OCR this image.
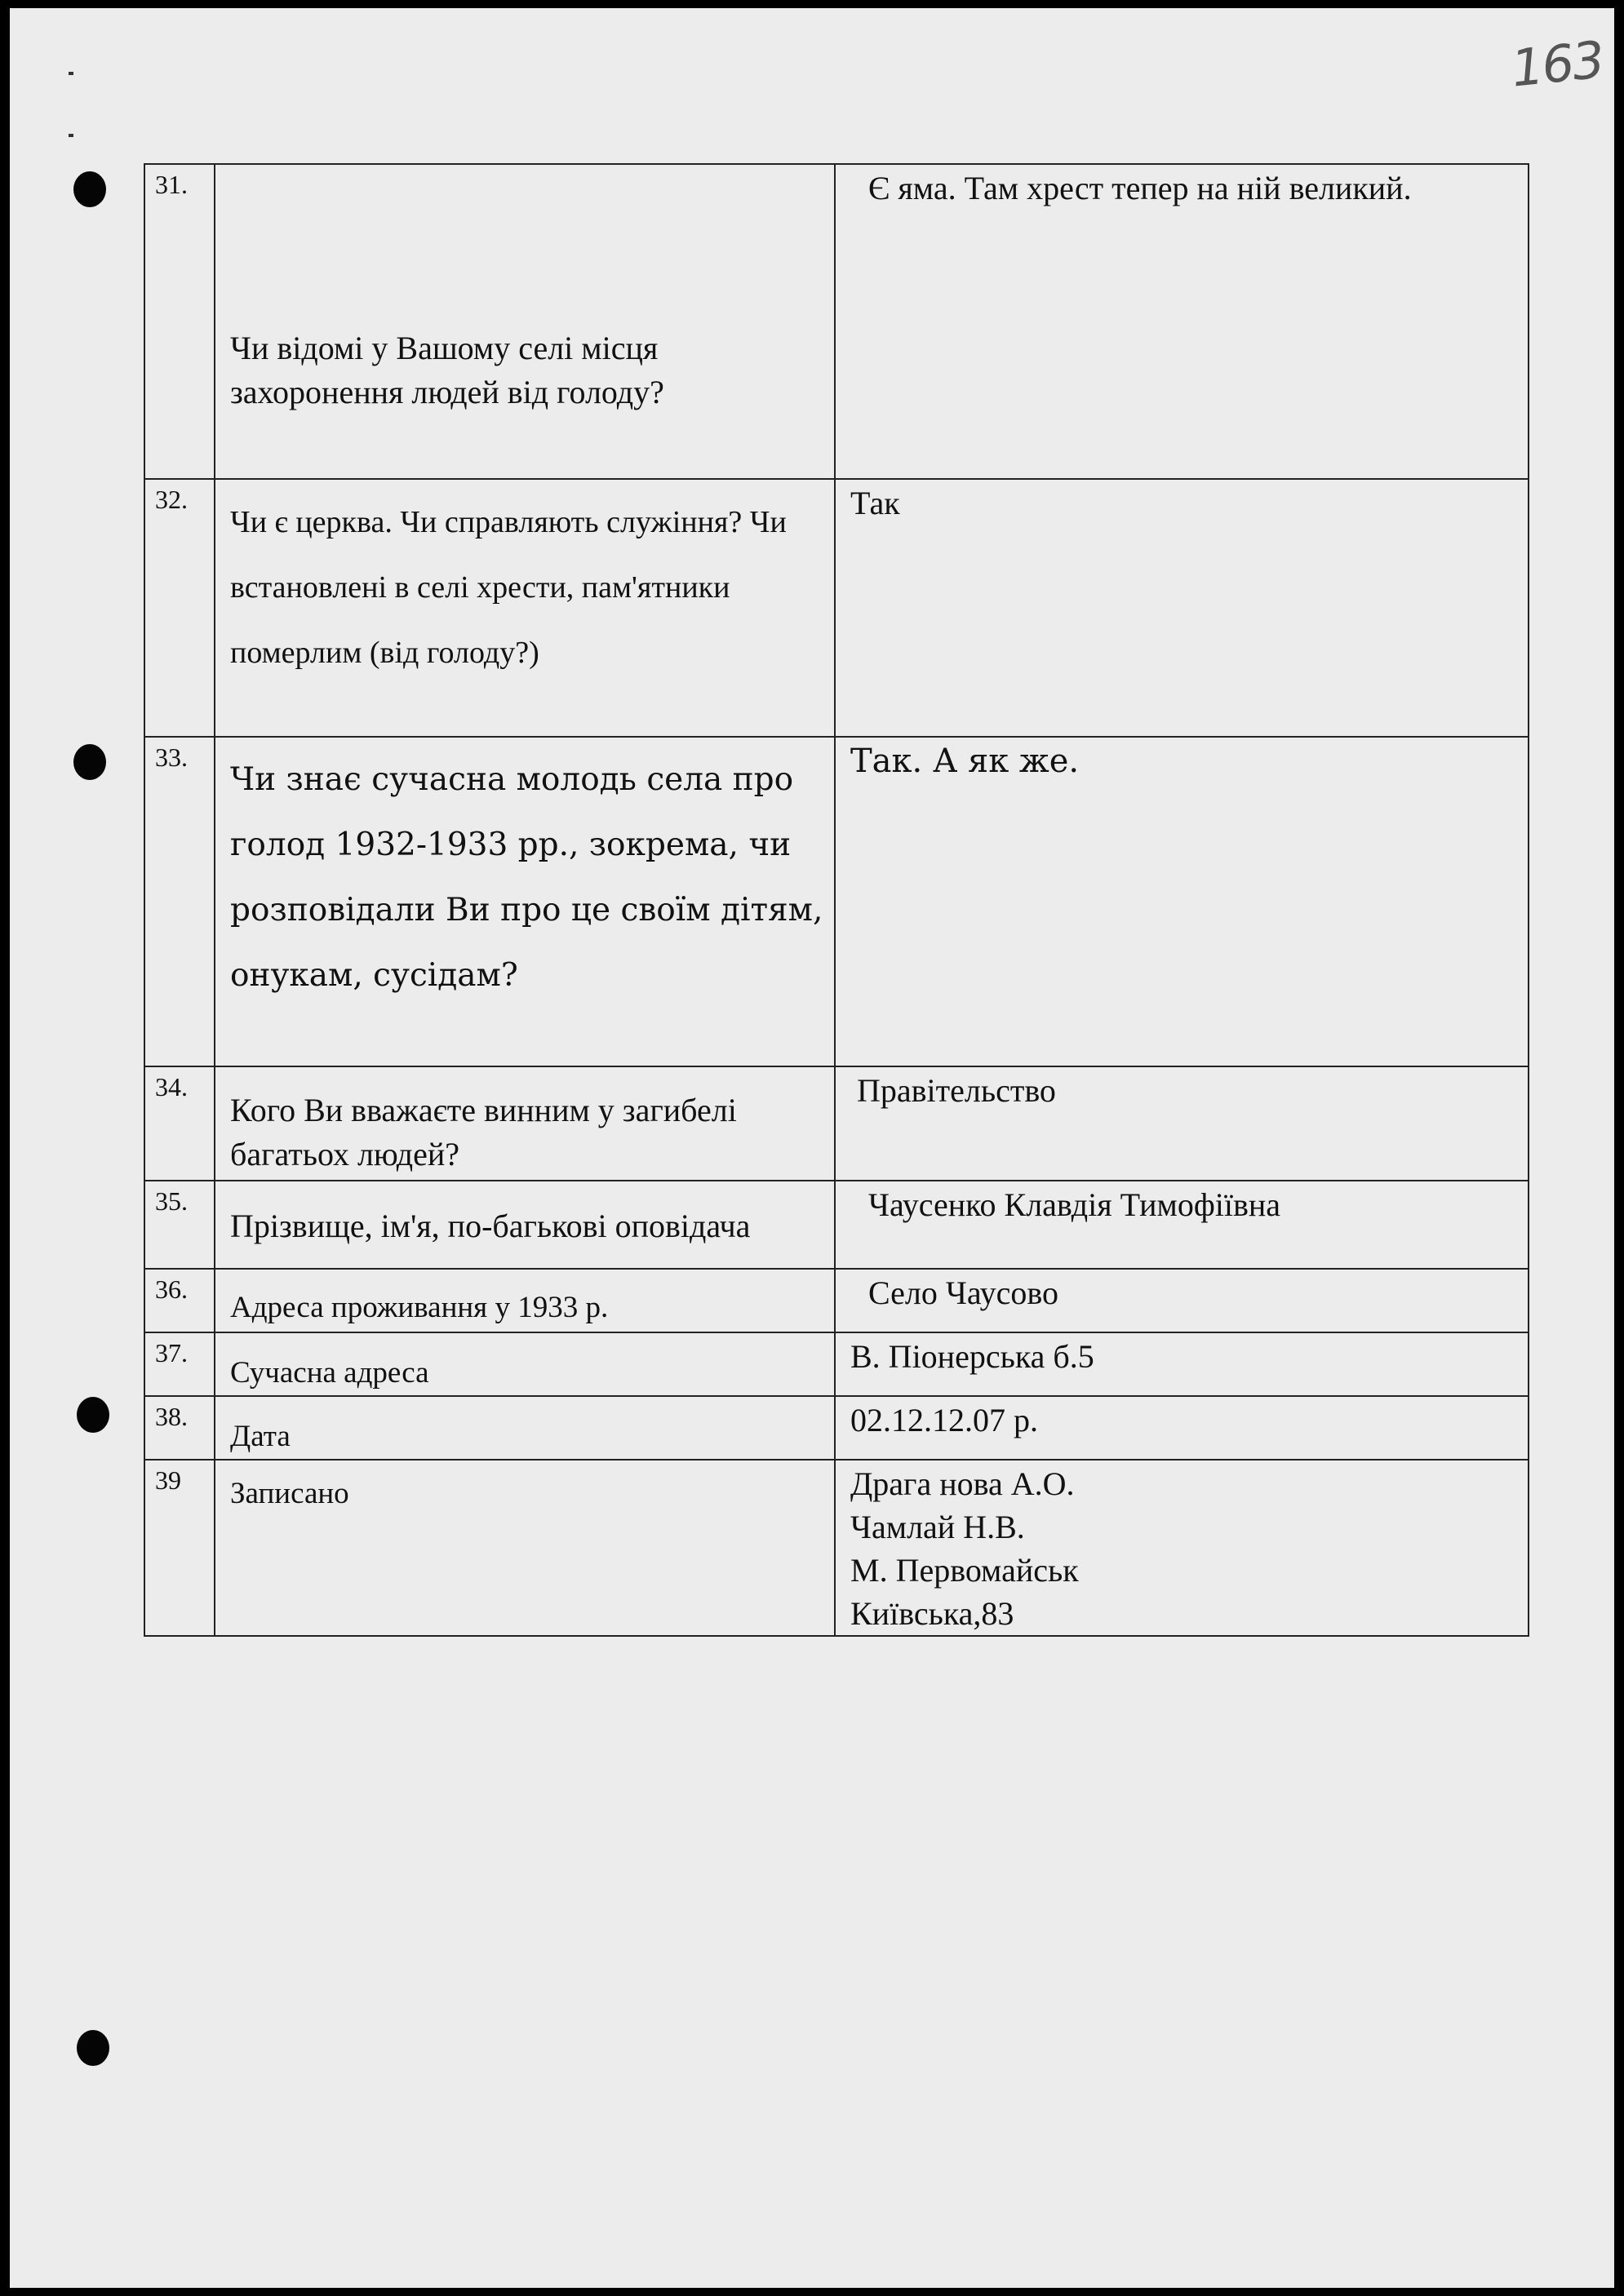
163
31.	Чи відомі у Вашому селі місця захоронення людей від голоду?	Є яма. Там хрест тепер на ній великий.

32.	Чи є церква. Чи справляють служіння? Чи встановлені в селі хрести, пам'ятники померлим (від голоду?)	Так

33.	Чи знає сучасна молодь села про голод 1932-1933 рр., зокрема, чи розповідали Ви про це своїм дітям, онукам, сусідам?	Так. А як же.

34.	Кого Ви вважаєте винним у загибелі багатьох людей?	Правітельство

35.	Прізвище, ім'я, по-багькові оповідача	Чаусенко Клавдія Тимофіївна

36.	Адреса проживання у 1933 р.	Село Чаусово

37.	Сучасна адреса	В. Піонерська б.5

38.	Дата	02.12.12.07 р.

39	Записано	Драга нова А.О.
Чамлай Н.В.
М. Первомайськ
Київська,83
